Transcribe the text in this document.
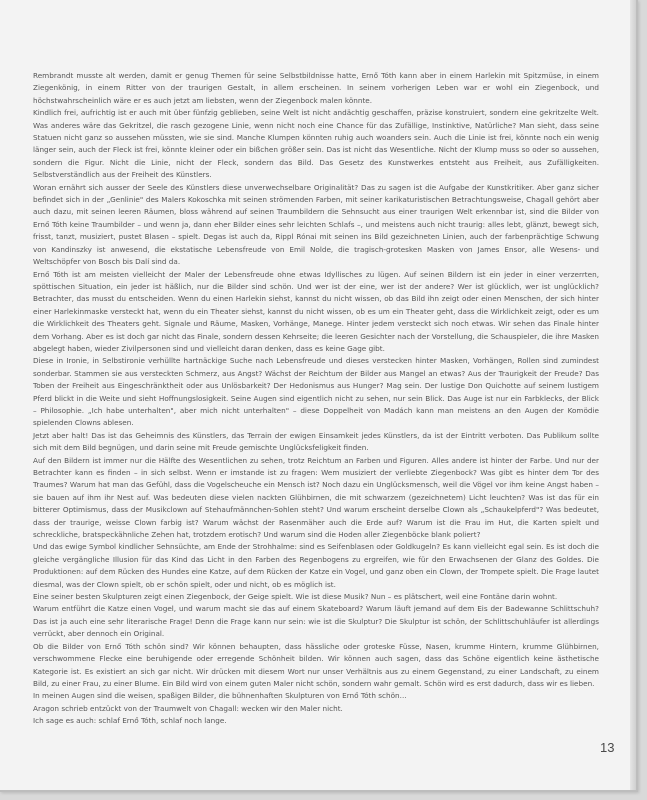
Rembrandt musste alt werden, damit er genug Themen für seine Selbstbildnisse hatte, Ernő Tóth kann aber in einem Harlekin mit Spitzmüse, in einem Ziegenkönig, in einem Ritter von der traurigen Gestalt, in allem erscheinen. In seinem vorherigen Leben war er wohl ein Ziegenbock, und höchstwahrscheinlich wäre er es auch jetzt am liebsten, wenn der Ziegenbock malen könnte.

Kindlich frei, aufrichtig ist er auch mit über fünfzig geblieben, seine Welt ist nicht andächtig geschaffen, präzise konstruiert, sondern eine gekritzelte Welt. Was anderes wäre das Gekritzel, die rasch gezogene Linie, wenn nicht noch eine Chance für das Zufällige, Instinktive, Natürliche? Man sieht, dass seine Statuen nicht ganz so aussehen müssten, wie sie sind. Manche Klumpen könnten ruhig auch woanders sein. Auch die Linie ist frei, könnte noch ein wenig länger sein, auch der Fleck ist frei, könnte kleiner oder ein bißchen größer sein. Das ist nicht das Wesentliche. Nicht der Klump muss so oder so aussehen, sondern die Figur. Nicht die Linie, nicht der Fleck, sondern das Bild. Das Gesetz des Kunstwerkes entsteht aus Freiheit, aus Zufälligkeiten. Selbstverständlich aus der Freiheit des Künstlers.

Woran ernährt sich ausser der Seele des Künstlers diese unverwechselbare Originalität? Das zu sagen ist die Aufgabe der Kunstkritiker. Aber ganz sicher befindet sich in der „Genlinie" des Malers Kokoschka mit seinen strömenden Farben, mit seiner karikaturistischen Betrachtungsweise, Chagall gehört aber auch dazu, mit seinen leeren Räumen, bloss während auf seinen Traumbildern die Sehnsucht aus einer traurigen Welt erkennbar ist, sind die Bilder von Ernő Tóth keine Traumbilder – und wenn ja, dann eher Bilder eines sehr leichten Schlafs –, und meistens auch nicht traurig: alles lebt, glänzt, bewegt sich, frisst, tanzt, musiziert, pustet Blasen – spielt. Degas ist auch da, Rippl Rónai mit seinen ins Bild gezeichneten Linien, auch der farbenprächtige Schwung von Kandinszky ist anwesend, die ekstatische Lebensfreude von Emil Nolde, die tragisch-grotesken Masken von James Ensor, alle Wesens- und Weltschöpfer von Bosch bis Dalí sind da.

Ernő Tóth ist am meisten vielleicht der Maler der Lebensfreude ohne etwas Idyllisches zu lügen. Auf seinen Bildern ist ein jeder in einer verzerrten, spöttischen Situation, ein jeder ist häßlich, nur die Bilder sind schön. Und wer ist der eine, wer ist der andere? Wer ist glücklich, wer ist unglücklich? Betrachter, das musst du entscheiden. Wenn du einen Harlekin siehst, kannst du nicht wissen, ob das Bild ihn zeigt oder einen Menschen, der sich hinter einer Harlekinmaske versteckt hat, wenn du ein Theater siehst, kannst du nicht wissen, ob es um ein Theater geht, dass die Wirklichkeit zeigt, oder es um die Wirklichkeit des Theaters geht. Signale und Räume, Masken, Vorhänge, Manege. Hinter jedem versteckt sich noch etwas. Wir sehen das Finale hinter dem Vorhang. Aber es ist doch gar nicht das Finale, sondern dessen Kehrseite; die leeren Gesichter nach der Vorstellung, die Schauspieler, die ihre Masken abgelegt haben, wieder Zivilpersonen sind und vielleicht daran denken, dass es keine Gage gibt.

Diese in Ironie, in Selbstironie verhüllte hartnäckige Suche nach Lebensfreude und dieses verstecken hinter Masken, Vorhängen, Rollen sind zumindest sonderbar. Stammen sie aus versteckten Schmerz, aus Angst? Wächst der Reichtum der Bilder aus Mangel an etwas? Aus der Traurigkeit der Freude? Das Toben der Freiheit aus Eingeschränktheit oder aus Unlösbarkeit? Der Hedonismus aus Hunger? Mag sein. Der lustige Don Quichotte auf seinem lustigem Pferd blickt in die Weite und sieht Hoffnungslosigkeit. Seine Augen sind eigentlich nicht zu sehen, nur sein Blick. Das Auge ist nur ein Farbklecks, der Blick – Philosophie. „Ich habe unterhalten", aber mich nicht unterhalten" – diese Doppelheit von Madách kann man meistens an den Augen der Komödie spielenden Clowns ablesen.

Jetzt aber halt! Das ist das Geheimnis des Künstlers, das Terrain der ewigen Einsamkeit jedes Künstlers, da ist der Eintritt verboten. Das Publikum sollte sich mit dem Bild begnügen, und darin seine mit Freude gemischte Unglücksfeligkeit finden.

Auf den Bildern ist immer nur die Hälfte des Wesentlichen zu sehen, trotz Reichtum an Farben und Figuren. Alles andere ist hinter der Farbe. Und nur der Betrachter kann es finden – in sich selbst. Wenn er imstande ist zu fragen: Wem musiziert der verliebte Ziegenbock? Was gibt es hinter dem Tor des Traumes? Warum hat man das Gefühl, dass die Vogelscheuche ein Mensch ist? Noch dazu ein Unglücksmensch, weil die Vögel vor ihm keine Angst haben – sie bauen auf ihm ihr Nest auf. Was bedeuten diese vielen nackten Glühbirnen, die mit schwarzem (gezeichnetem) Licht leuchten? Was ist das für ein bitterer Optimismus, dass der Musikclown auf Stehaufmännchen-Sohlen steht? Und warum erscheint derselbe Clown als „Schaukelpferd"? Was bedeutet, dass der traurige, weisse Clown farbig ist? Warum wächst der Rasenmäher auch die Erde auf? Warum ist die Frau im Hut, die Karten spielt und schreckliche, bratspeckähnliche Zehen hat, trotzdem erotisch? Und warum sind die Hoden aller Ziegenböcke blank poliert?

Und das ewige Symbol kindlicher Sehnsüchte, am Ende der Strohhalme: sind es Seifenblasen oder Goldkugeln? Es kann vielleicht egal sein. Es ist doch die gleiche vergängliche Illusion für das Kind das Licht in den Farben des Regenbogens zu ergreifen, wie für den Erwachsenen der Glanz des Goldes. Die Produktionen: auf dem Rücken des Hundes eine Katze, auf dem Rücken der Katze ein Vogel, und ganz oben ein Clown, der Trompete spielt. Die Frage lautet diesmal, was der Clown spielt, ob er schön spielt, oder und nicht, ob es möglich ist.

Eine seiner besten Skulpturen zeigt einen Ziegenbock, der Geige spielt. Wie ist diese Musik? Nun – es plätschert, weil eine Fontäne darin wohnt.

Warum entführt die Katze einen Vogel, und warum macht sie das auf einem Skateboard? Warum läuft jemand auf dem Eis der Badewanne Schlittschuh? Das ist ja auch eine sehr literarische Frage! Denn die Frage kann nur sein: wie ist die Skulptur? Die Skulptur ist schön, der Schlittschuhläufer ist allerdings verrückt, aber dennoch ein Original.

Ob die Bilder von Ernő Tóth schön sind? Wir können behaupten, dass hässliche oder groteske Füsse, Nasen, krumme Hintern, krumme Glühbirnen, verschwommene Flecke eine beruhigende oder erregende Schönheit bilden. Wir können auch sagen, dass das Schöne eigentlich keine ästhetische Kategorie ist. Es existiert an sich gar nicht. Wir drücken mit diesem Wort nur unser Verhältnis aus zu einem Gegenstand, zu einer Landschaft, zu einem Bild, zu einer Frau, zu einer Blume. Ein Bild wird von einem guten Maler nicht schön, sondern wahr gemalt. Schön wird es erst dadurch, dass wir es lieben.

In meinen Augen sind die weisen, spaßigen Bilder, die bühnenhaften Skulpturen von Ernő Tóth schön...

Aragon schrieb entzückt von der Traumwelt von Chagall: wecken wir den Maler nicht.

Ich sage es auch: schlaf Ernő Tóth, schlaf noch lange.

13
